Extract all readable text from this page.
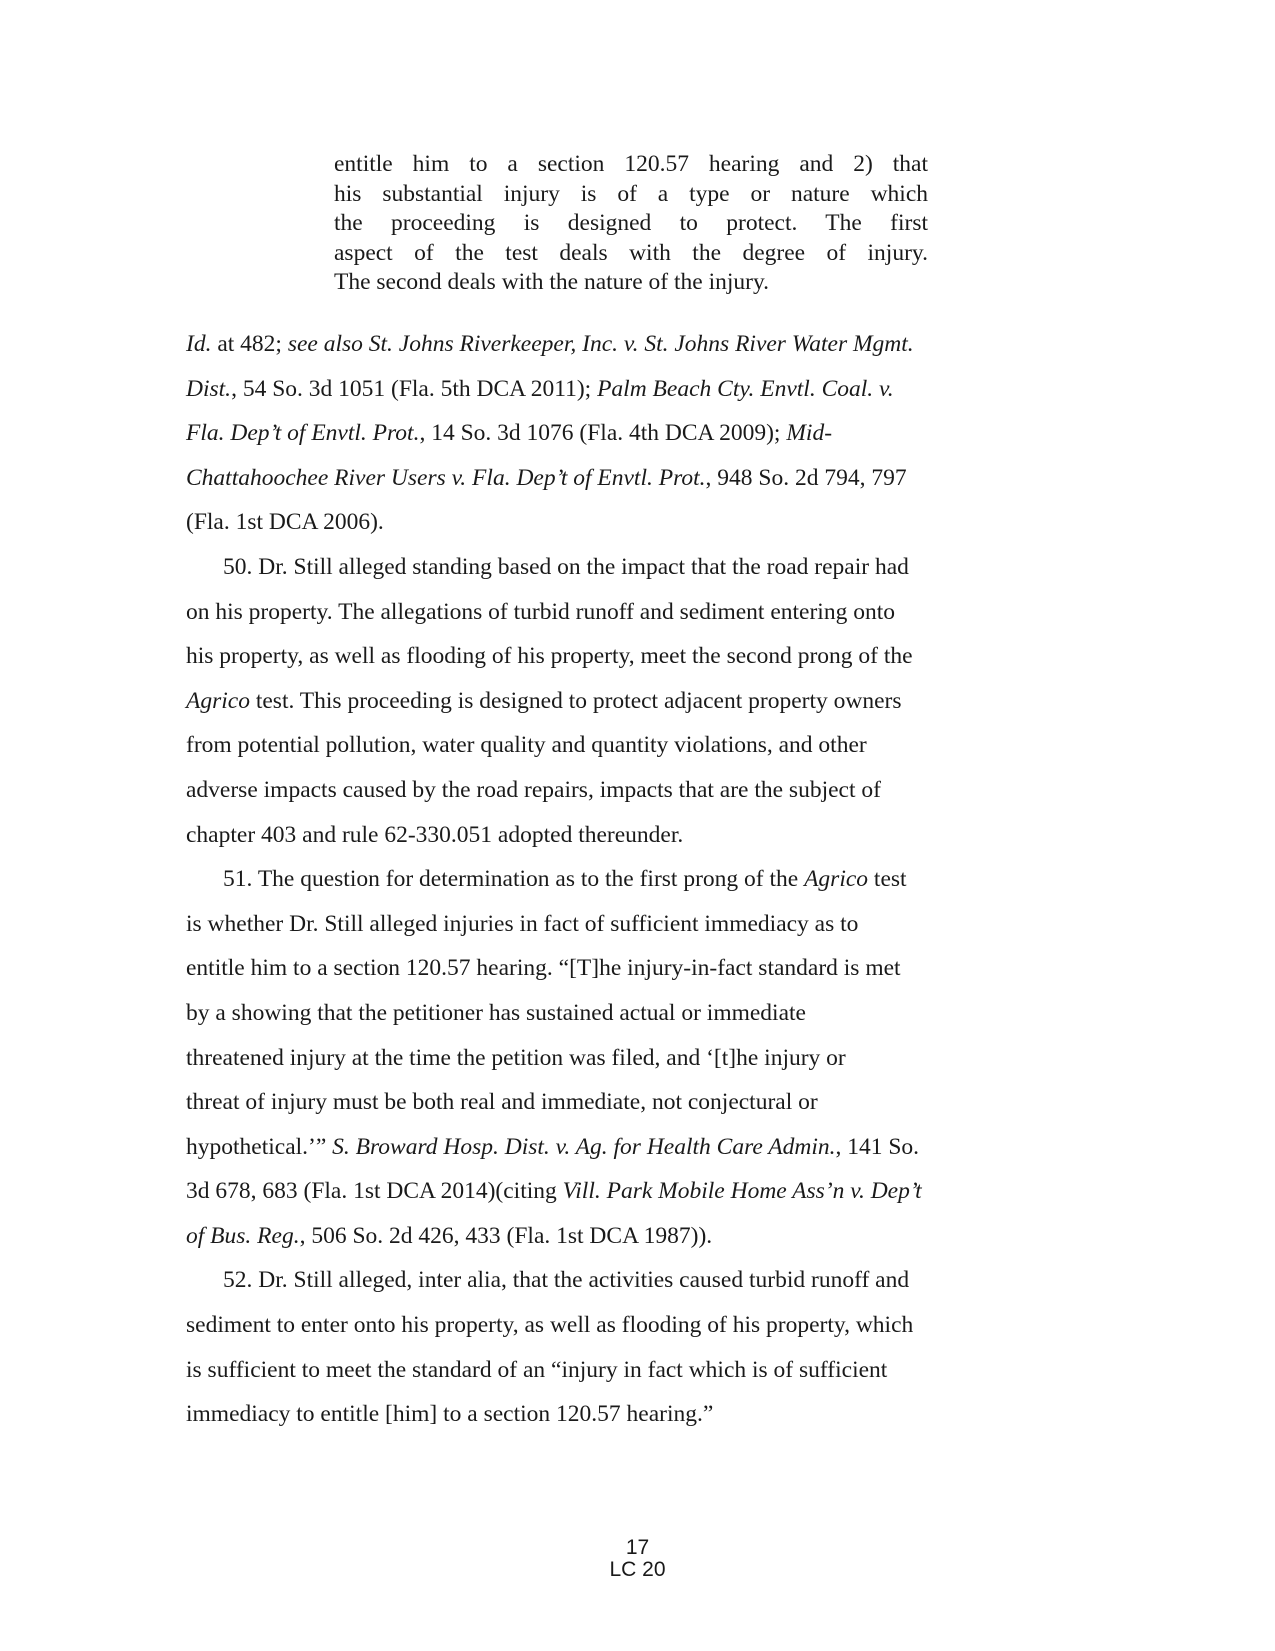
entitle him to a section 120.57 hearing and 2) that
his substantial injury is of a type or nature which
the proceeding is designed to protect. The first
aspect of the test deals with the degree of injury.
The second deals with the nature of the injury.
Id. at 482; see also St. Johns Riverkeeper, Inc. v. St. Johns River Water Mgmt.
Dist., 54 So. 3d 1051 (Fla. 5th DCA 2011); Palm Beach Cty. Envtl. Coal. v.
Fla. Dep’t of Envtl. Prot., 14 So. 3d 1076 (Fla. 4th DCA 2009); Mid-
Chattahoochee River Users v. Fla. Dep’t of Envtl. Prot., 948 So. 2d 794, 797
(Fla. 1st DCA 2006).
50. Dr. Still alleged standing based on the impact that the road repair had
on his property. The allegations of turbid runoff and sediment entering onto
his property, as well as flooding of his property, meet the second prong of the
Agrico test. This proceeding is designed to protect adjacent property owners
from potential pollution, water quality and quantity violations, and other
adverse impacts caused by the road repairs, impacts that are the subject of
chapter 403 and rule 62-330.051 adopted thereunder.
51. The question for determination as to the first prong of the Agrico test
is whether Dr. Still alleged injuries in fact of sufficient immediacy as to
entitle him to a section 120.57 hearing. “[T]he injury-in-fact standard is met
by a showing that the petitioner has sustained actual or immediate
threatened injury at the time the petition was filed, and ‘[t]he injury or
threat of injury must be both real and immediate, not conjectural or
hypothetical.’” S. Broward Hosp. Dist. v. Ag. for Health Care Admin., 141 So.
3d 678, 683 (Fla. 1st DCA 2014)(citing Vill. Park Mobile Home Ass’n v. Dep’t
of Bus. Reg., 506 So. 2d 426, 433 (Fla. 1st DCA 1987)).
52. Dr. Still alleged, inter alia, that the activities caused turbid runoff and
sediment to enter onto his property, as well as flooding of his property, which
is sufficient to meet the standard of an “injury in fact which is of sufficient
immediacy to entitle [him] to a section 120.57 hearing.”
17
LC 20
